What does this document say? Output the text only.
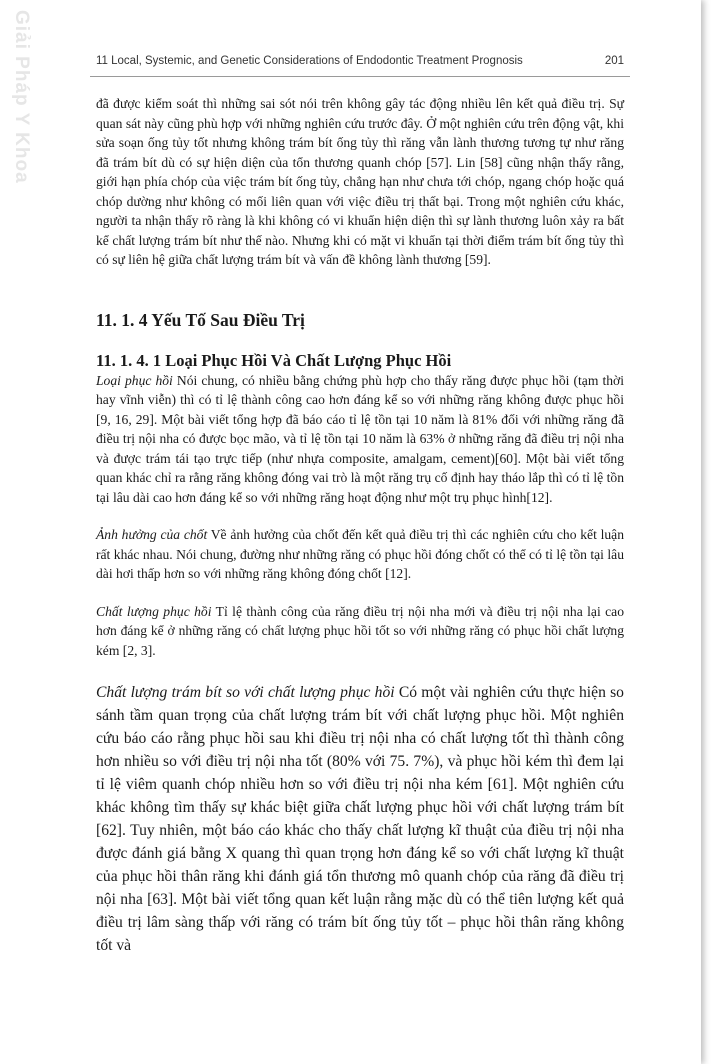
Giải Pháp Y Khoa	11 Local, Systemic, and Genetic Considerations of Endodontic Treatment Prognosis	201

đã được kiểm soát thì những sai sót nói trên không gây tác động nhiều lên kết quả điều trị. Sự quan sát này cũng phù hợp với những nghiên cứu trước đây. Ở một nghiên cứu trên động vật, khi sửa soạn ống tủy tốt nhưng không trám bít ống tủy thì răng vẫn lành thương tương tự như răng đã trám bít dù có sự hiện diện của tổn thương quanh chóp [57]. Lin [58] cũng nhận thấy rằng, giới hạn phía chóp của việc trám bít ống tủy, chẳng hạn như chưa tới chóp, ngang chóp hoặc quá chóp dường như không có mối liên quan với việc điều trị thất bại. Trong một nghiên cứu khác, người ta nhận thấy rõ ràng là khi không có vi khuẩn hiện diện thì sự lành thương luôn xảy ra bất kể chất lượng trám bít như thế nào. Nhưng khi có mặt vi khuẩn tại thời điểm trám bít ống tủy thì có sự liên hệ giữa chất lượng trám bít và vấn đề không lành thương [59].

11. 1. 4 Yếu Tố Sau Điều Trị
11. 1. 4. 1 Loại Phục Hồi Và Chất Lượng Phục Hồi

Loại phục hồi Nói chung, có nhiều bằng chứng phù hợp cho thấy răng được phục hồi (tạm thời hay vĩnh viễn) thì có tỉ lệ thành công cao hơn đáng kể so với những răng không được phục hồi [9, 16, 29]. Một bài viết tổng hợp đã báo cáo tỉ lệ tồn tại 10 năm là 81% đối với những răng đã điều trị nội nha có được bọc mão, và tỉ lệ tồn tại 10 năm là 63% ở những răng đã điều trị nội nha và được trám tái tạo trực tiếp (như nhựa composite, amalgam, cement)[60]. Một bài viết tổng quan khác chỉ ra rằng răng không đóng vai trò là một răng trụ cố định hay tháo lắp thì có tỉ lệ tồn tại lâu dài cao hơn đáng kể so với những răng hoạt động như một trụ phục hình[12].

Ảnh hưởng của chốt Về ảnh hưởng của chốt đến kết quả điều trị thì các nghiên cứu cho kết luận rất khác nhau. Nói chung, đường như những răng có phục hồi đóng chốt có thể có tỉ lệ tồn tại lâu dài hơi thấp hơn so với những răng không đóng chốt [12].

Chất lượng phục hồi Tỉ lệ thành công của răng điều trị nội nha mới và điều trị nội nha lại cao hơn đáng kể ở những răng có chất lượng phục hồi tốt so với những răng có phục hồi chất lượng kém [2, 3].

Chất lượng trám bít so với chất lượng phục hồi Có một vài nghiên cứu thực hiện so sánh tầm quan trọng của chất lượng trám bít với chất lượng phục hồi. Một nghiên cứu báo cáo rằng phục hồi sau khi điều trị nội nha có chất lượng tốt thì thành công hơn nhiều so với điều trị nội nha tốt (80% với 75. 7%), và phục hồi kém thì đem lại tỉ lệ viêm quanh chóp nhiều hơn so với điều trị nội nha kém [61]. Một nghiên cứu khác không tìm thấy sự khác biệt giữa chất lượng phục hồi với chất lượng trám bít [62]. Tuy nhiên, một báo cáo khác cho thấy chất lượng kĩ thuật của điều trị nội nha được đánh giá bằng X quang thì quan trọng hơn đáng kể so với chất lượng kĩ thuật của phục hồi thân răng khi đánh giá tổn thương mô quanh chóp của răng đã điều trị nội nha [63]. Một bài viết tổng quan kết luận rằng mặc dù có thể tiên lượng kết quả điều trị lâm sàng thấp với răng có trám bít ống tủy tốt – phục hồi thân răng không tốt và
